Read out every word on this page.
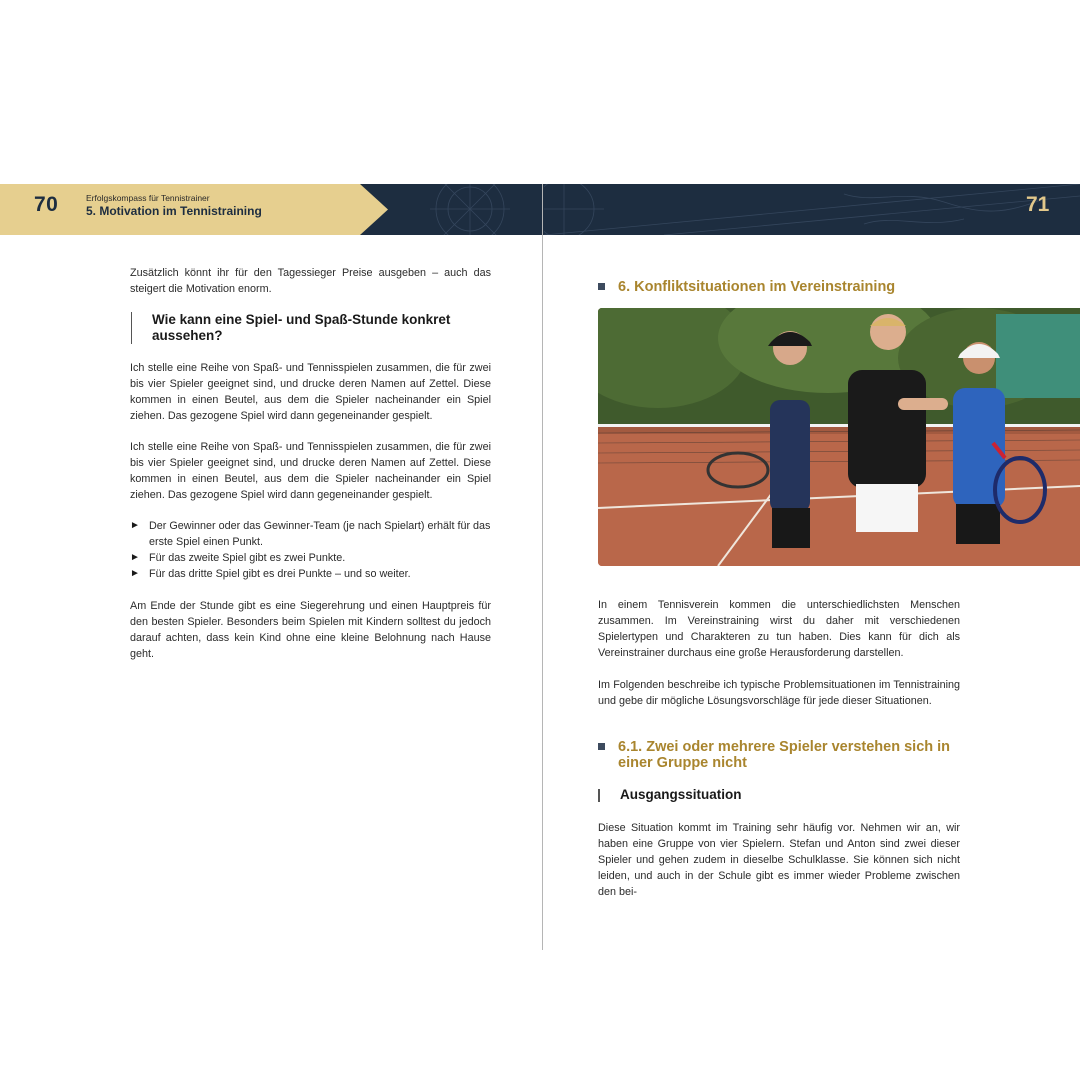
70	Erfolgskompass für Tennistrainer
5. Motivation im Tennistraining	71

Zusätzlich könnt ihr für den Tagessieger Preise ausgeben – auch das steigert die Motivation enorm.

Wie kann eine Spiel- und Spaß-Stunde konkret aussehen?

Ich stelle eine Reihe von Spaß- und Tennisspielen zusammen, die für zwei bis vier Spieler geeignet sind, und drucke deren Namen auf Zettel. Diese kommen in einen Beutel, aus dem die Spieler nacheinander ein Spiel ziehen. Das gezogene Spiel wird dann gegeneinander gespielt.

Ich stelle eine Reihe von Spaß- und Tennisspielen zusammen, die für zwei bis vier Spieler geeignet sind, und drucke deren Namen auf Zettel. Diese kommen in einen Beutel, aus dem die Spieler nacheinander ein Spiel ziehen. Das gezogene Spiel wird dann gegeneinander gespielt.

► Der Gewinner oder das Gewinner-Team (je nach Spielart) erhält für das erste Spiel einen Punkt.
► Für das zweite Spiel gibt es zwei Punkte.
► Für das dritte Spiel gibt es drei Punkte – und so weiter.

Am Ende der Stunde gibt es eine Siegerehrung und einen Hauptpreis für den besten Spieler. Besonders beim Spielen mit Kindern solltest du jedoch darauf achten, dass kein Kind ohne eine kleine Belohnung nach Hause geht.

6. Konfliktsituationen im Vereinstraining

In einem Tennisverein kommen die unterschiedlichsten Menschen zusammen. Im Vereinstraining wirst du daher mit verschiedenen Spielertypen und Charakteren zu tun haben. Dies kann für dich als Vereinstrainer durchaus eine große Herausforderung darstellen.

Im Folgenden beschreibe ich typische Problemsituationen im Tennistraining und gebe dir mögliche Lösungsvorschläge für jede dieser Situationen.

6.1. Zwei oder mehrere Spieler verstehen sich in einer Gruppe nicht
Ausgangssituation

Diese Situation kommt im Training sehr häufig vor. Nehmen wir an, wir haben eine Gruppe von vier Spielern. Stefan und Anton sind zwei dieser Spieler und gehen zudem in dieselbe Schulklasse. Sie können sich nicht leiden, und auch in der Schule gibt es immer wieder Probleme zwischen den bei-
